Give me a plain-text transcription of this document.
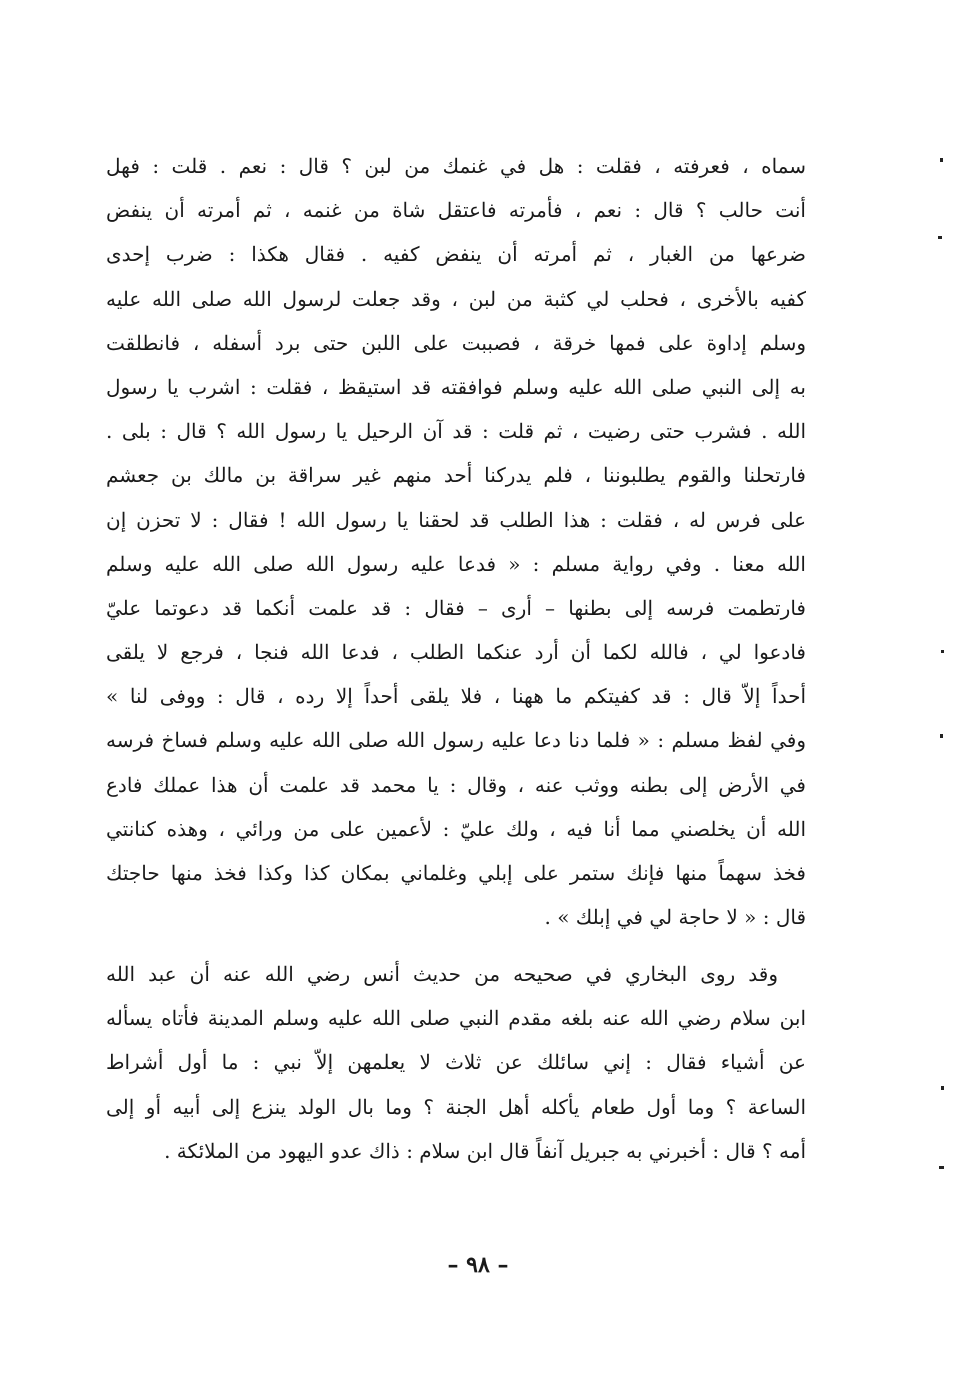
سماه ، فعرفته ، فقلت : هل في غنمك من لبن ؟ قال : نعم . قلت : فهل
أنت حالب ؟ قال : نعم ، فأمرته فاعتقل شاة من غنمه ، ثم أمرته أن ينفض
ضرعها من الغبار ، ثم أمرته أن ينفض كفيه . فقال هكذا : ضرب إحدى
كفيه بالأخرى ، فحلب لي كثبة من لبن ، وقد جعلت لرسول الله صلى الله عليه
وسلم إداوة على فمها خرقة ، فصببت على اللبن حتى برد أسفله ، فانطلقت
به إلى النبي صلى الله عليه وسلم فوافقته قد استيقظ ، فقلت : اشرب يا رسول
الله . فشرب حتى رضيت ، ثم قلت : قد آن الرحيل يا رسول الله ؟ قال : بلى .
فارتحلنا والقوم يطلبوننا ، فلم يدركنا أحد منهم غير سراقة بن مالك بن جعشم
على فرس له ، فقلت : هذا الطلب قد لحقنا يا رسول الله ! فقال : لا تحزن إن
الله معنا . وفي رواية مسلم : « فدعا عليه رسول الله صلى الله عليه وسلم
فارتطمت فرسه إلى بطنها – أرى – فقال : قد علمت أنكما قد دعوتما عليّ
فادعوا لي ، فالله لكما أن أرد عنكما الطلب ، فدعا الله فنجا ، فرجع لا يلقى
أحداً إلاّ قال : قد كفيتكم ما ههنا ، فلا يلقى أحداً إلا رده ، قال : ووفى لنا »
وفي لفظ مسلم : « فلما دنا دعا عليه رسول الله صلى الله عليه وسلم فساخ فرسه
في الأرض إلى بطنه ووثب عنه ، وقال : يا محمد قد علمت أن هذا عملك فادع
الله أن يخلصني مما أنا فيه ، ولك عليّ : لأعمين على من ورائي ، وهذه كنانتي
فخذ سهماً منها فإنك ستمر على إبلي وغلماني بمكان كذا وكذا فخذ منها حاجتك
قال : « لا حاجة لي في إبلك » .
وقد روى البخاري في صحيحه من حديث أنس رضي الله عنه أن عبد الله
ابن سلام رضي الله عنه بلغه مقدم النبي صلى الله عليه وسلم المدينة فأتاه يسأله
عن أشياء فقال : إني سائلك عن ثلاث لا يعلمهن إلاّ نبي : ما أول أشراط
الساعة ؟ وما أول طعام يأكله أهل الجنة ؟ وما بال الولد ينزع إلى أبيه أو إلى
أمه ؟ قال : أخبرني به جبريل آنفاً قال ابن سلام : ذاك عدو اليهود من الملائكة .
– ٩٨ –
